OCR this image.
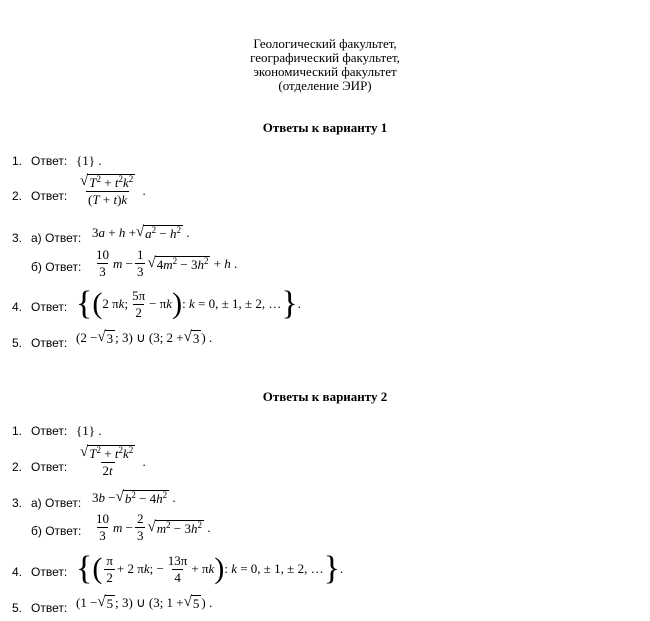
Геологический факультет,
географический факультет,
экономический факультет
(отделение ЭИР)
Ответы к варианту 1
1. Ответ: {1} .
2. Ответ:
√ $T^2 + t^2k^2$
(T + t)k
.
3. а) Ответ: 3a + h + √ $a^2 - h^2$ .
б) Ответ:
10
3
$m - \frac{1}{3}$ √ $4m^2 - 3h^2 + h$ .
4. Ответ: { ( 2 πk;
5π
2
− πk ) : k = 0, ± 1, ± 2, … } .
5. Ответ: (2 − √ 3 ; 3) ∪ (3; 2 + √ 3 ) .
Ответы к варианту 2
1. Ответ: {1} .
2. Ответ:
√ $T^2 + t^2k^2$
2t
.
3. а) Ответ: 3b − √ $b^2 - 4h^2$ .
б) Ответ:
10
3
$m - \frac{2}{3}$ √ $m^2 - 3h^2$ .
4. Ответ: { ( π
2
+ 2 πk; − $\frac{13\pi}{4} + \pi k$ ) : k = 0, ± 1, ± 2, … } .
5. Ответ: (1 − √ 5 ; 3) ∪ (3; 1 + √ 5 ) .
